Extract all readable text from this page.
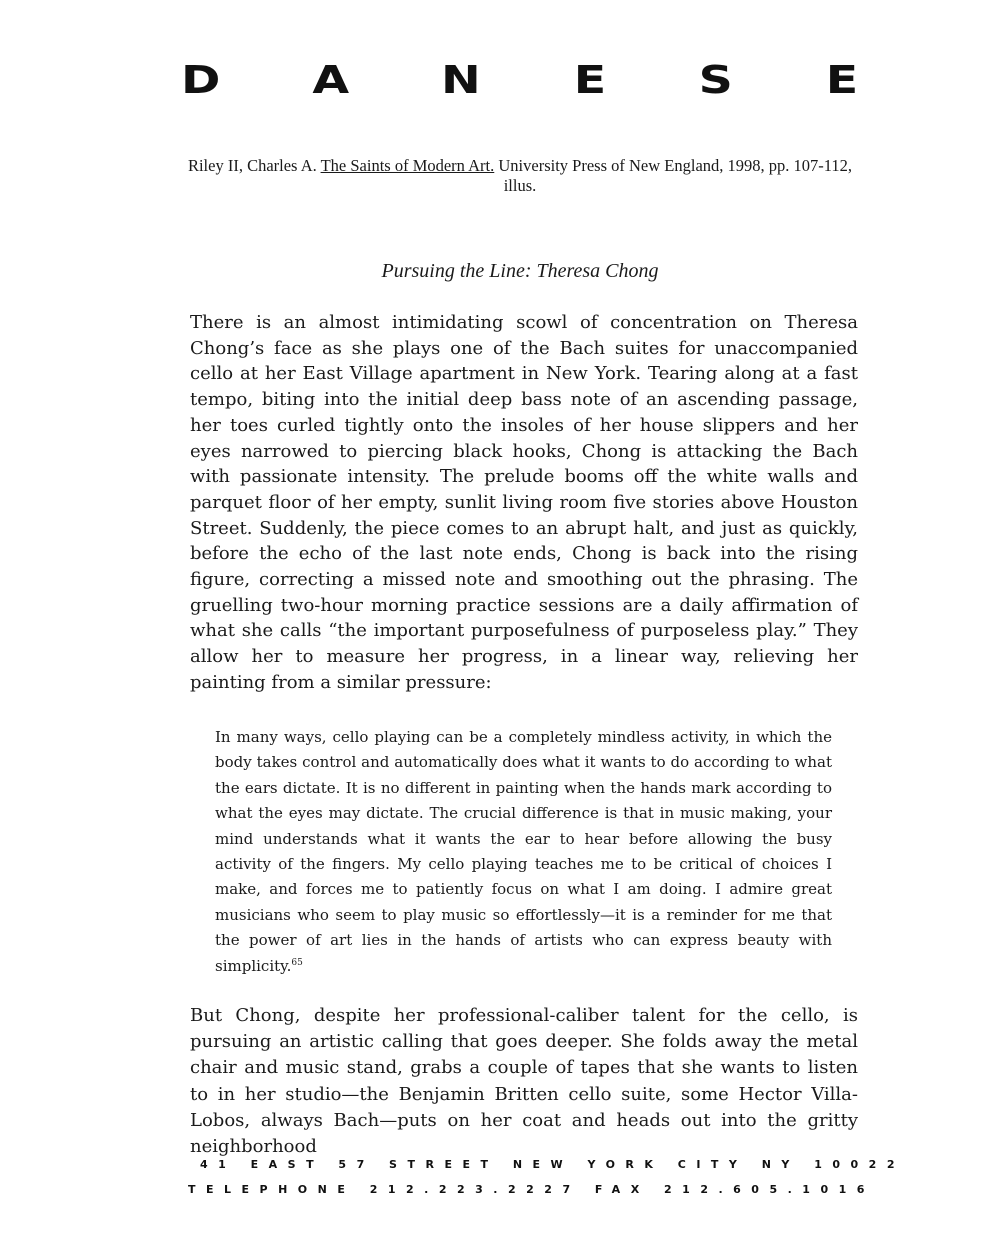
D A N E S E
Riley II, Charles A. The Saints of Modern Art. University Press of New England, 1998, pp. 107-112, illus.
Pursuing the Line: Theresa Chong

There is an almost intimidating scowl of concentration on Theresa Chong’s face as she plays one of the Bach suites for unaccompanied cello at her East Village apartment in New York. Tearing along at a fast tempo, biting into the initial deep bass note of an ascending passage, her toes curled tightly onto the insoles of her house slippers and her eyes narrowed to piercing black hooks, Chong is attacking the Bach with passionate intensity. The prelude booms off the white walls and parquet floor of her empty, sunlit living room five stories above Houston Street. Suddenly, the piece comes to an abrupt halt, and just as quickly, before the echo of the last note ends, Chong is back into the rising figure, correcting a missed note and smoothing out the phrasing. The gruelling two-hour morning practice sessions are a daily affirmation of what she calls “the important purposefulness of purposeless play.” They allow her to measure her progress, in a linear way, relieving her painting from a similar pressure:

In many ways, cello playing can be a completely mindless activity, in which the body takes control and automatically does what it wants to do according to what the ears dictate. It is no different in painting when the hands mark according to what the eyes may dictate. The crucial difference is that in music making, your mind understands what it wants the ear to hear before allowing the busy activity of the fingers. My cello playing teaches me to be critical of choices I make, and forces me to patiently focus on what I am doing. I admire great musicians who seem to play music so effortlessly—it is a reminder for me that the power of art lies in the hands of artists who can express beauty with simplicity.$^{65}$

But Chong, despite her professional-caliber talent for the cello, is pursuing an artistic calling that goes deeper. She folds away the metal chair and music stand, grabs a couple of tapes that she wants to listen to in her studio—the Benjamin Britten cello suite, some Hector Villa-Lobos, always Bach—puts on her coat and heads out into the gritty neighborhood

41 EAST 57 STREET NEW YORK CITY NY 10022
TELEPHONE 212.223.2227 FAX 212.605.1016
